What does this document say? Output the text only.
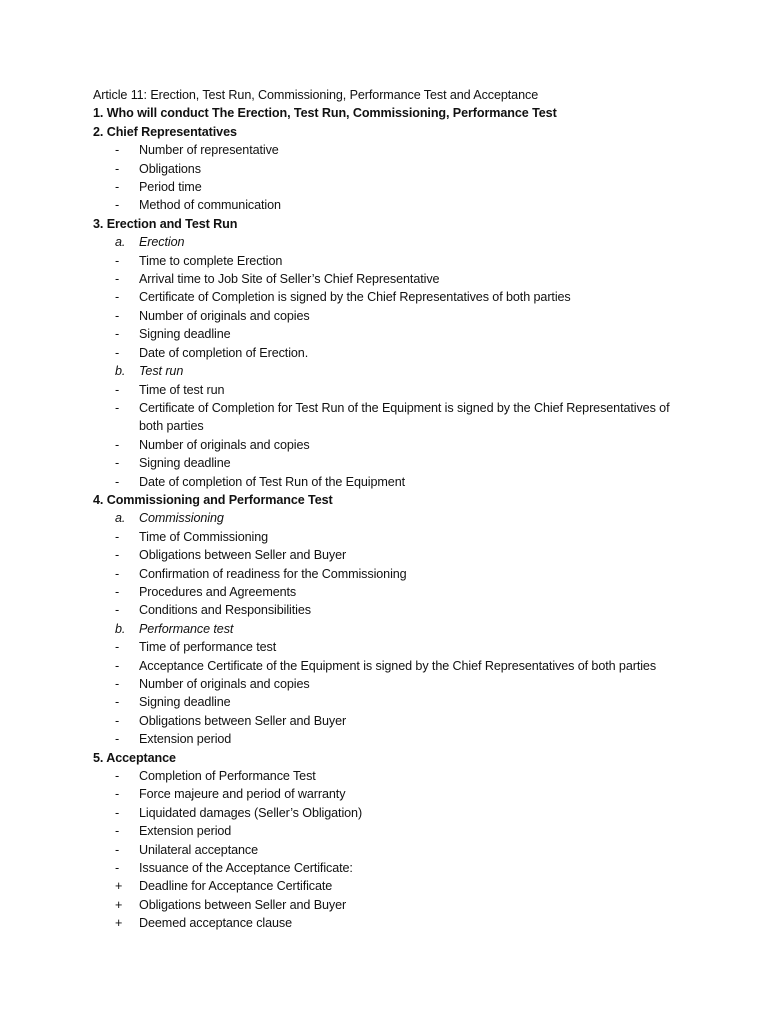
Article 11: Erection, Test Run, Commissioning, Performance Test and Acceptance
1. Who will conduct The Erection, Test Run, Commissioning, Performance Test
2. Chief Representatives
-	Number of representative
-	Obligations
-	Period time
-	Method of communication
3. Erection and Test Run
a.	Erection
-	Time to complete Erection
-	Arrival time to Job Site of Seller’s Chief Representative
-	Certificate of Completion is signed by the Chief Representatives of both parties
-	Number of originals and copies
-	Signing deadline
-	Date of completion of Erection.
b.	Test run
-	Time of test run
-	Certificate of Completion for Test Run of the Equipment is signed by the Chief Representatives of both parties
-	Number of originals and copies
-	Signing deadline
-	Date of completion of Test Run of the Equipment
4. Commissioning and Performance Test
a.	Commissioning
-	Time of Commissioning
-	Obligations between Seller and Buyer
-	Confirmation of readiness for the Commissioning
-	Procedures and Agreements
-	Conditions and Responsibilities
b.	Performance test
-	Time of performance test
-	Acceptance Certificate of the Equipment is signed by the Chief Representatives of both parties
-	Number of originals and copies
-	Signing deadline
-	Obligations between Seller and Buyer
-	Extension period
5. Acceptance
-	Completion of Performance Test
-	Force majeure and period of warranty
-	Liquidated damages (Seller’s Obligation)
-	Extension period
-	Unilateral acceptance
-	Issuance of the Acceptance Certificate:
+	Deadline for Acceptance Certificate
+	Obligations between Seller and Buyer
+	Deemed acceptance clause
